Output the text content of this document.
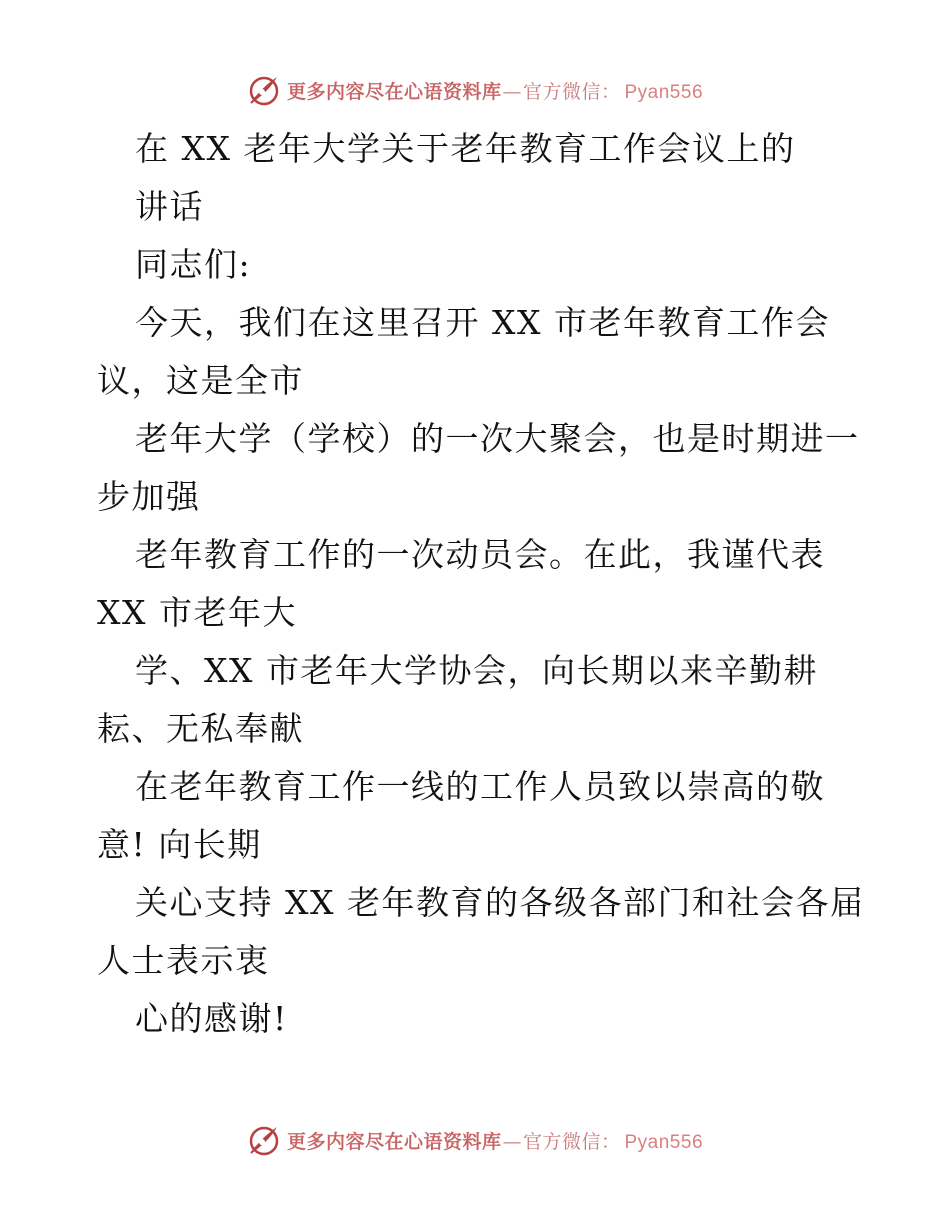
更多内容尽在心语资料库—官方微信： Pyan556
在 XX 老年大学关于老年教育工作会议上的
讲话
同志们:
今天，我们在这里召开 XX 市老年教育工作会
议，这是全市
老年大学（学校）的一次大聚会，也是时期进一
步加强
老年教育工作的一次动员会。在此，我谨代表
XX 市老年大
学、XX 市老年大学协会，向长期以来辛勤耕
耘、无私奉献
在老年教育工作一线的工作人员致以崇高的敬
意! 向长期
关心支持 XX 老年教育的各级各部门和社会各届
人士表示衷
心的感谢!
更多内容尽在心语资料库—官方微信： Pyan556
